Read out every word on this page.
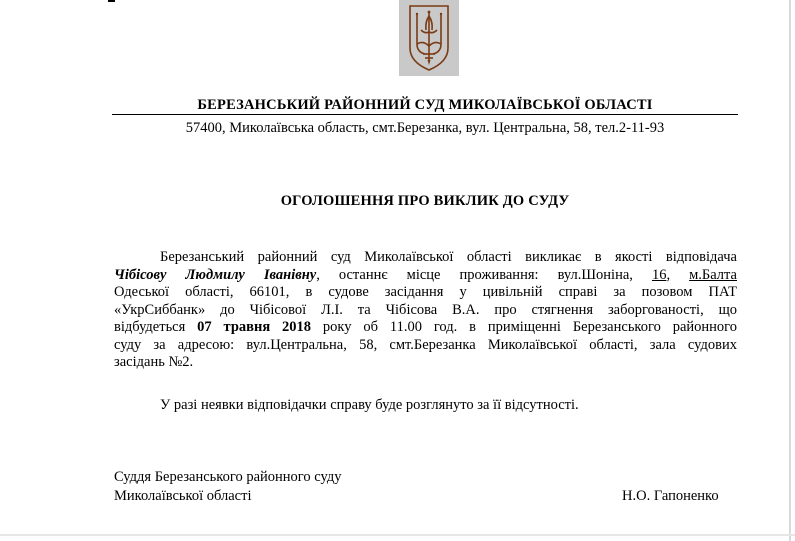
БЕРЕЗАНСЬКИЙ РАЙОННИЙ СУД МИКОЛАЇВСЬКОЇ ОБЛАСТІ
57400, Миколаївська область, смт.Березанка, вул. Центральна, 58, тел.2-11-93
ОГОЛОШЕННЯ ПРО ВИКЛИК ДО СУДУ
Березанський районний суд Миколаївської області викликає в якості відповідача
Чібісову Людмилу Іванівну, останнє місце проживання: вул.Шоніна, 16, м.Балта
Одеської області, 66101, в судове засідання у цивільній справі за позовом ПАТ
«УкрСиббанк» до Чібісової Л.І. та Чібісова В.А. про стягнення заборгованості, що
відбудеться 07 травня 2018 року об 11.00 год. в приміщенні Березанського районного
суду за адресою: вул.Центральна, 58, смт.Березанка Миколаївської області, зала судових
засідань №2.
У разі неявки відповідачки справу буде розглянуто за її відсутності.
Суддя Березанського районного суду
Миколаївської області	Н.О. Гапоненко
